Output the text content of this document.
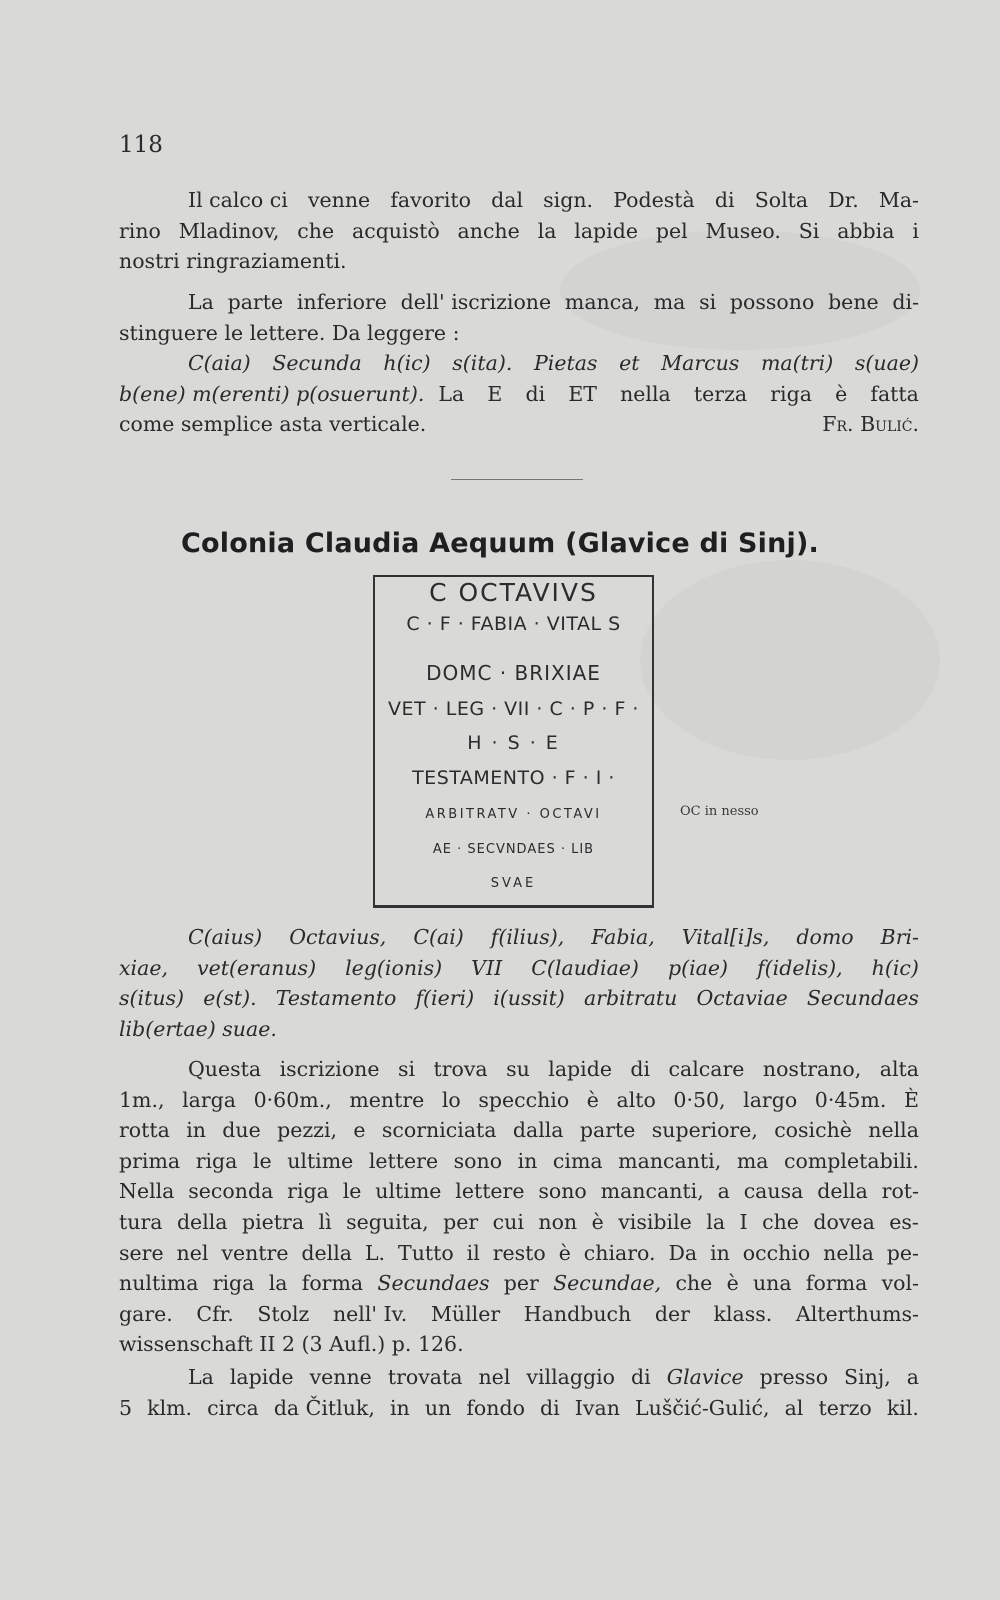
118
Il calco ci venne favorito dal sign. Podestà di Solta Dr. Ma-
rino Mladinov, che acquistò anche la lapide pel Museo. Si abbia i
nostri ringraziamenti.
La parte inferiore dell' iscrizione manca, ma si possono bene di-
stinguere le lettere. Da leggere :
C(aia) Secunda h(ic) s(ita). Pietas et Marcus ma(tri) s(uae)
b(ene) m(erenti) p(osuerunt). La E di ET nella terza riga è fatta
come semplice asta verticale.	Fr. Bulić.
Colonia Claudia Aequum (Glavice di Sinj).
C OCTAVIVS
C · F · FABIA · VITAL S
DOMC · BRIXIAE
VET · LEG · VII · C · P · F ·
H · S · E
TESTAMENTO · F · I ·
ARBITRATV · OCTAVI
AE · SECVNDAES · LIB
SVAE
OC in nesso
C(aius) Octavius, C(ai) f(ilius), Fabia, Vital[i]s, domo Bri-
xiae, vet(eranus) leg(ionis) VII C(laudiae) p(iae) f(idelis), h(ic)
s(itus) e(st). Testamento f(ieri) i(ussit) arbitratu Octaviae Secundaes
lib(ertae) suae.
Questa iscrizione si trova su lapide di calcare nostrano, alta
1m., larga 0·60m., mentre lo specchio è alto 0·50, largo 0·45m. È
rotta in due pezzi, e scorniciata dalla parte superiore, cosichè nella
prima riga le ultime lettere sono in cima mancanti, ma completabili.
Nella seconda riga le ultime lettere sono mancanti, a causa della rot-
tura della pietra lì seguita, per cui non è visibile la I che dovea es-
sere nel ventre della L. Tutto il resto è chiaro. Da in occhio nella pe-
nultima riga la forma Secundaes per Secundae, che è una forma vol-
gare. Cfr. Stolz nell' Iv. Müller Handbuch der klass. Alterthums-
wissenschaft II 2 (3 Aufl.) p. 126.
La lapide venne trovata nel villaggio di Glavice presso Sinj, a
5 klm. circa da Čitluk, in un fondo di Ivan Luščić-Gulić, al terzo kil.
